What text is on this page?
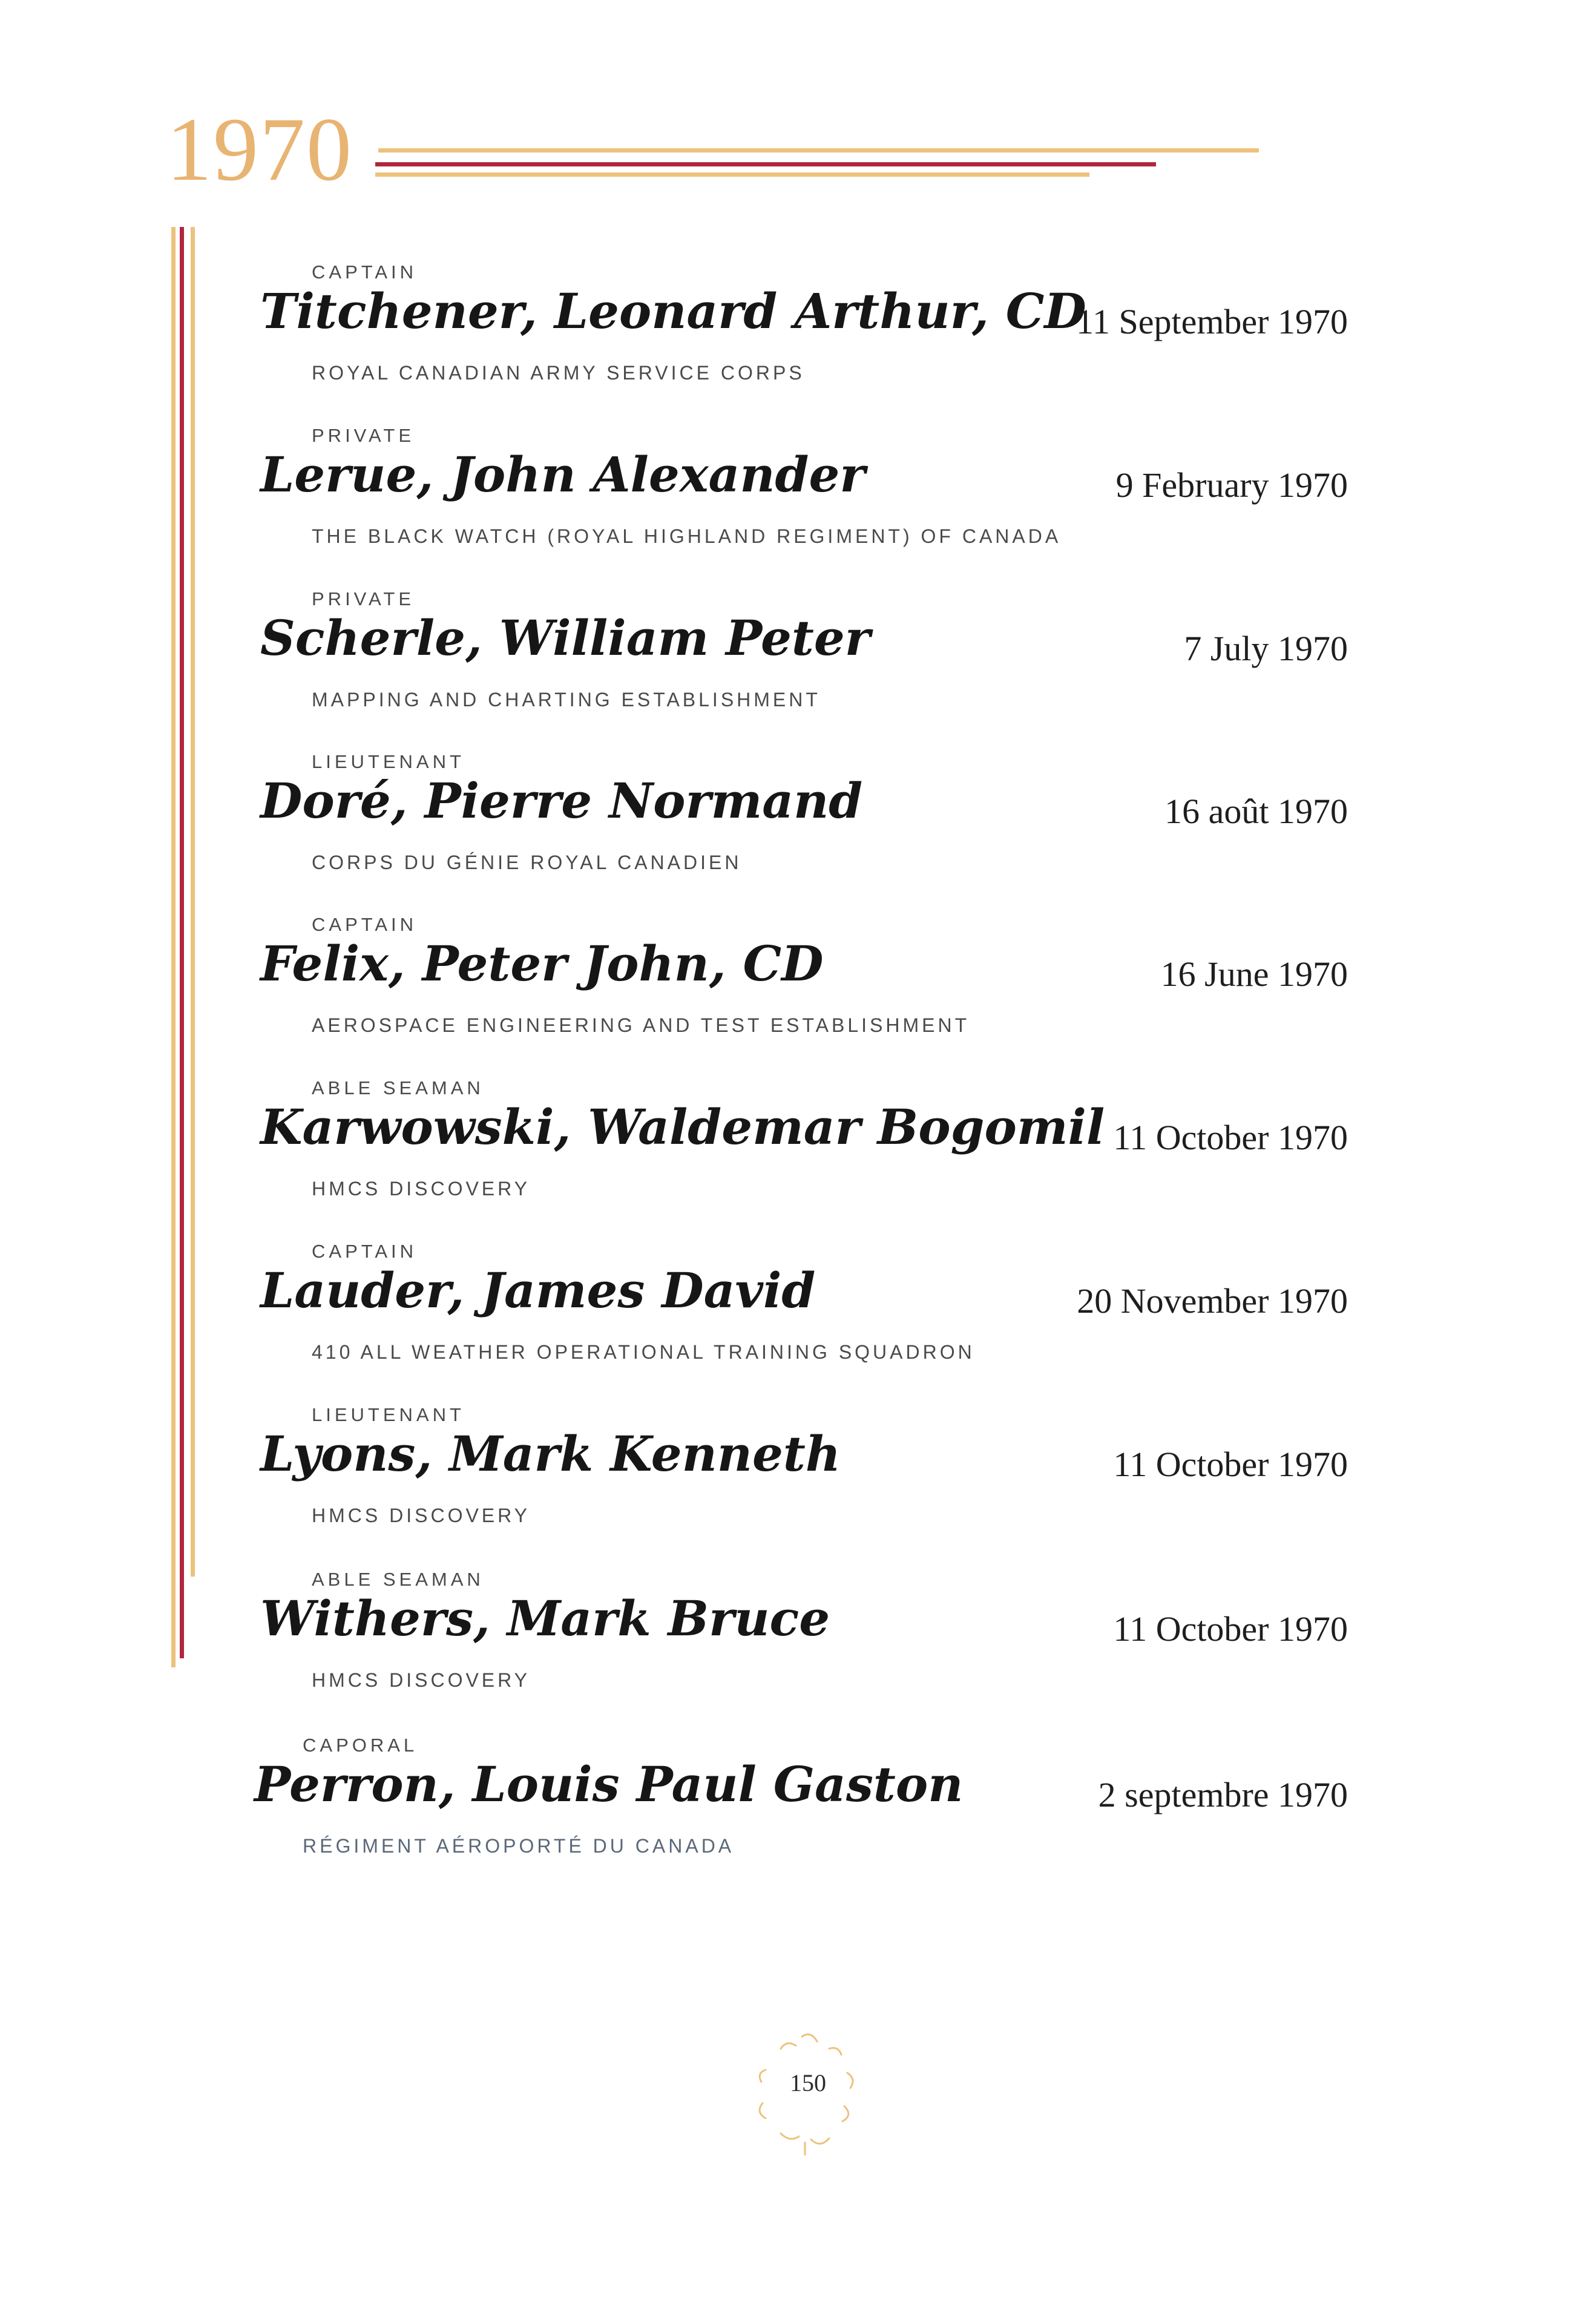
1970
CAPTAIN
Titchener, Leonard Arthur, CD
11 September 1970
ROYAL CANADIAN ARMY SERVICE CORPS
PRIVATE
Lerue, John Alexander	9 February 1970
THE BLACK WATCH (ROYAL HIGHLAND REGIMENT) OF CANADA
PRIVATE
Scherle, William Peter	7 July 1970
MAPPING AND CHARTING ESTABLISHMENT
LIEUTENANT
Doré, Pierre Normand	16 août 1970
CORPS DU GÉNIE ROYAL CANADIEN
CAPTAIN
Felix, Peter John, CD	16 June 1970
AEROSPACE ENGINEERING AND TEST ESTABLISHMENT
ABLE SEAMAN
Karwowski, Waldemar Bogomil 11 October 1970
HMCS DISCOVERY
CAPTAIN
Lauder, James David	20 November 1970
410 ALL WEATHER OPERATIONAL TRAINING SQUADRON
LIEUTENANT
Lyons, Mark Kenneth	11 October 1970
HMCS DISCOVERY
ABLE SEAMAN
Withers, Mark Bruce	11 October 1970
HMCS DISCOVERY
CAPORAL
Perron, Louis Paul Gaston	2 septembre 1970
RÉGIMENT AÉROPORTÉ DU CANADA
150
